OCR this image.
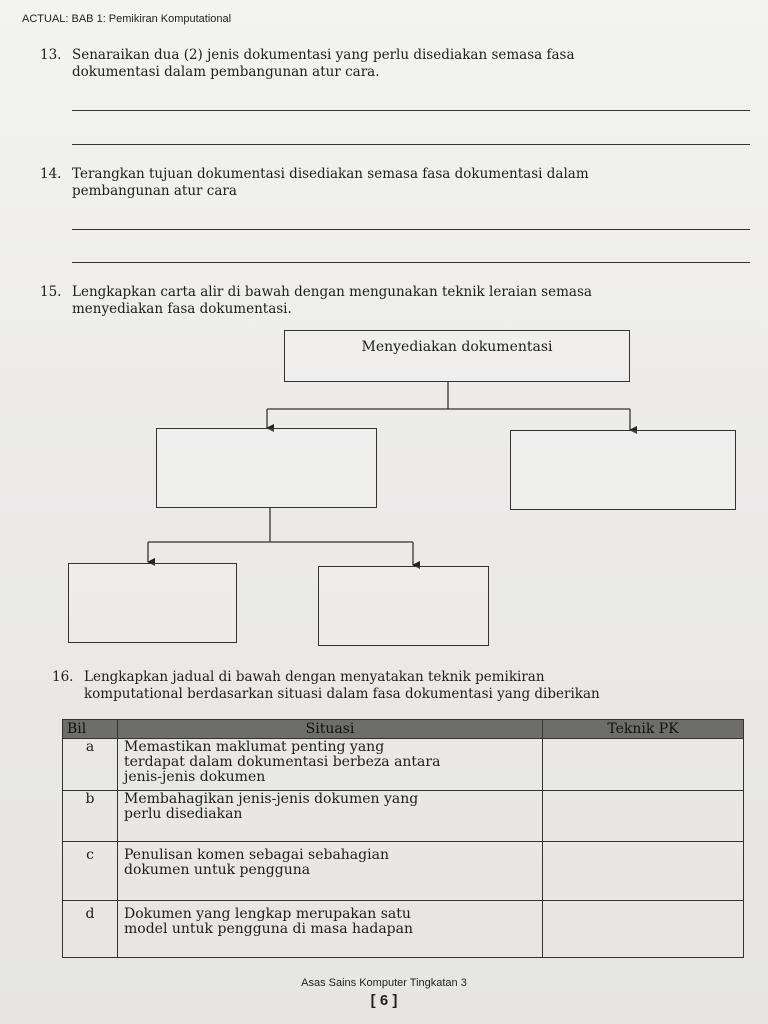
ACTUAL: BAB 1: Pemikiran Komputational
13. Senaraikan dua (2) jenis dokumentasi yang perlu disediakan semasa fasa
dokumentasi dalam pembangunan atur cara.
14. Terangkan tujuan dokumentasi disediakan semasa fasa dokumentasi dalam
pembangunan atur cara
15. Lengkapkan carta alir di bawah dengan mengunakan teknik leraian semasa
menyediakan fasa dokumentasi.
Menyediakan dokumentasi
16. Lengkapkan jadual di bawah dengan menyatakan teknik pemikiran
komputational berdasarkan situasi dalam fasa dokumentasi yang diberikan
Bil	Situasi	Teknik PK
a	Memastikan maklumat penting yang
terdapat dalam dokumentasi berbeza antara
jenis-jenis dokumen	

b	Membahagikan jenis-jenis dokumen yang
perlu disediakan	

c	Penulisan komen sebagai sebahagian
dokumen untuk pengguna	

d	Dokumen yang lengkap merupakan satu
model untuk pengguna di masa hadapan	

Asas Sains Komputer Tingkatan 3
[ 6 ]
